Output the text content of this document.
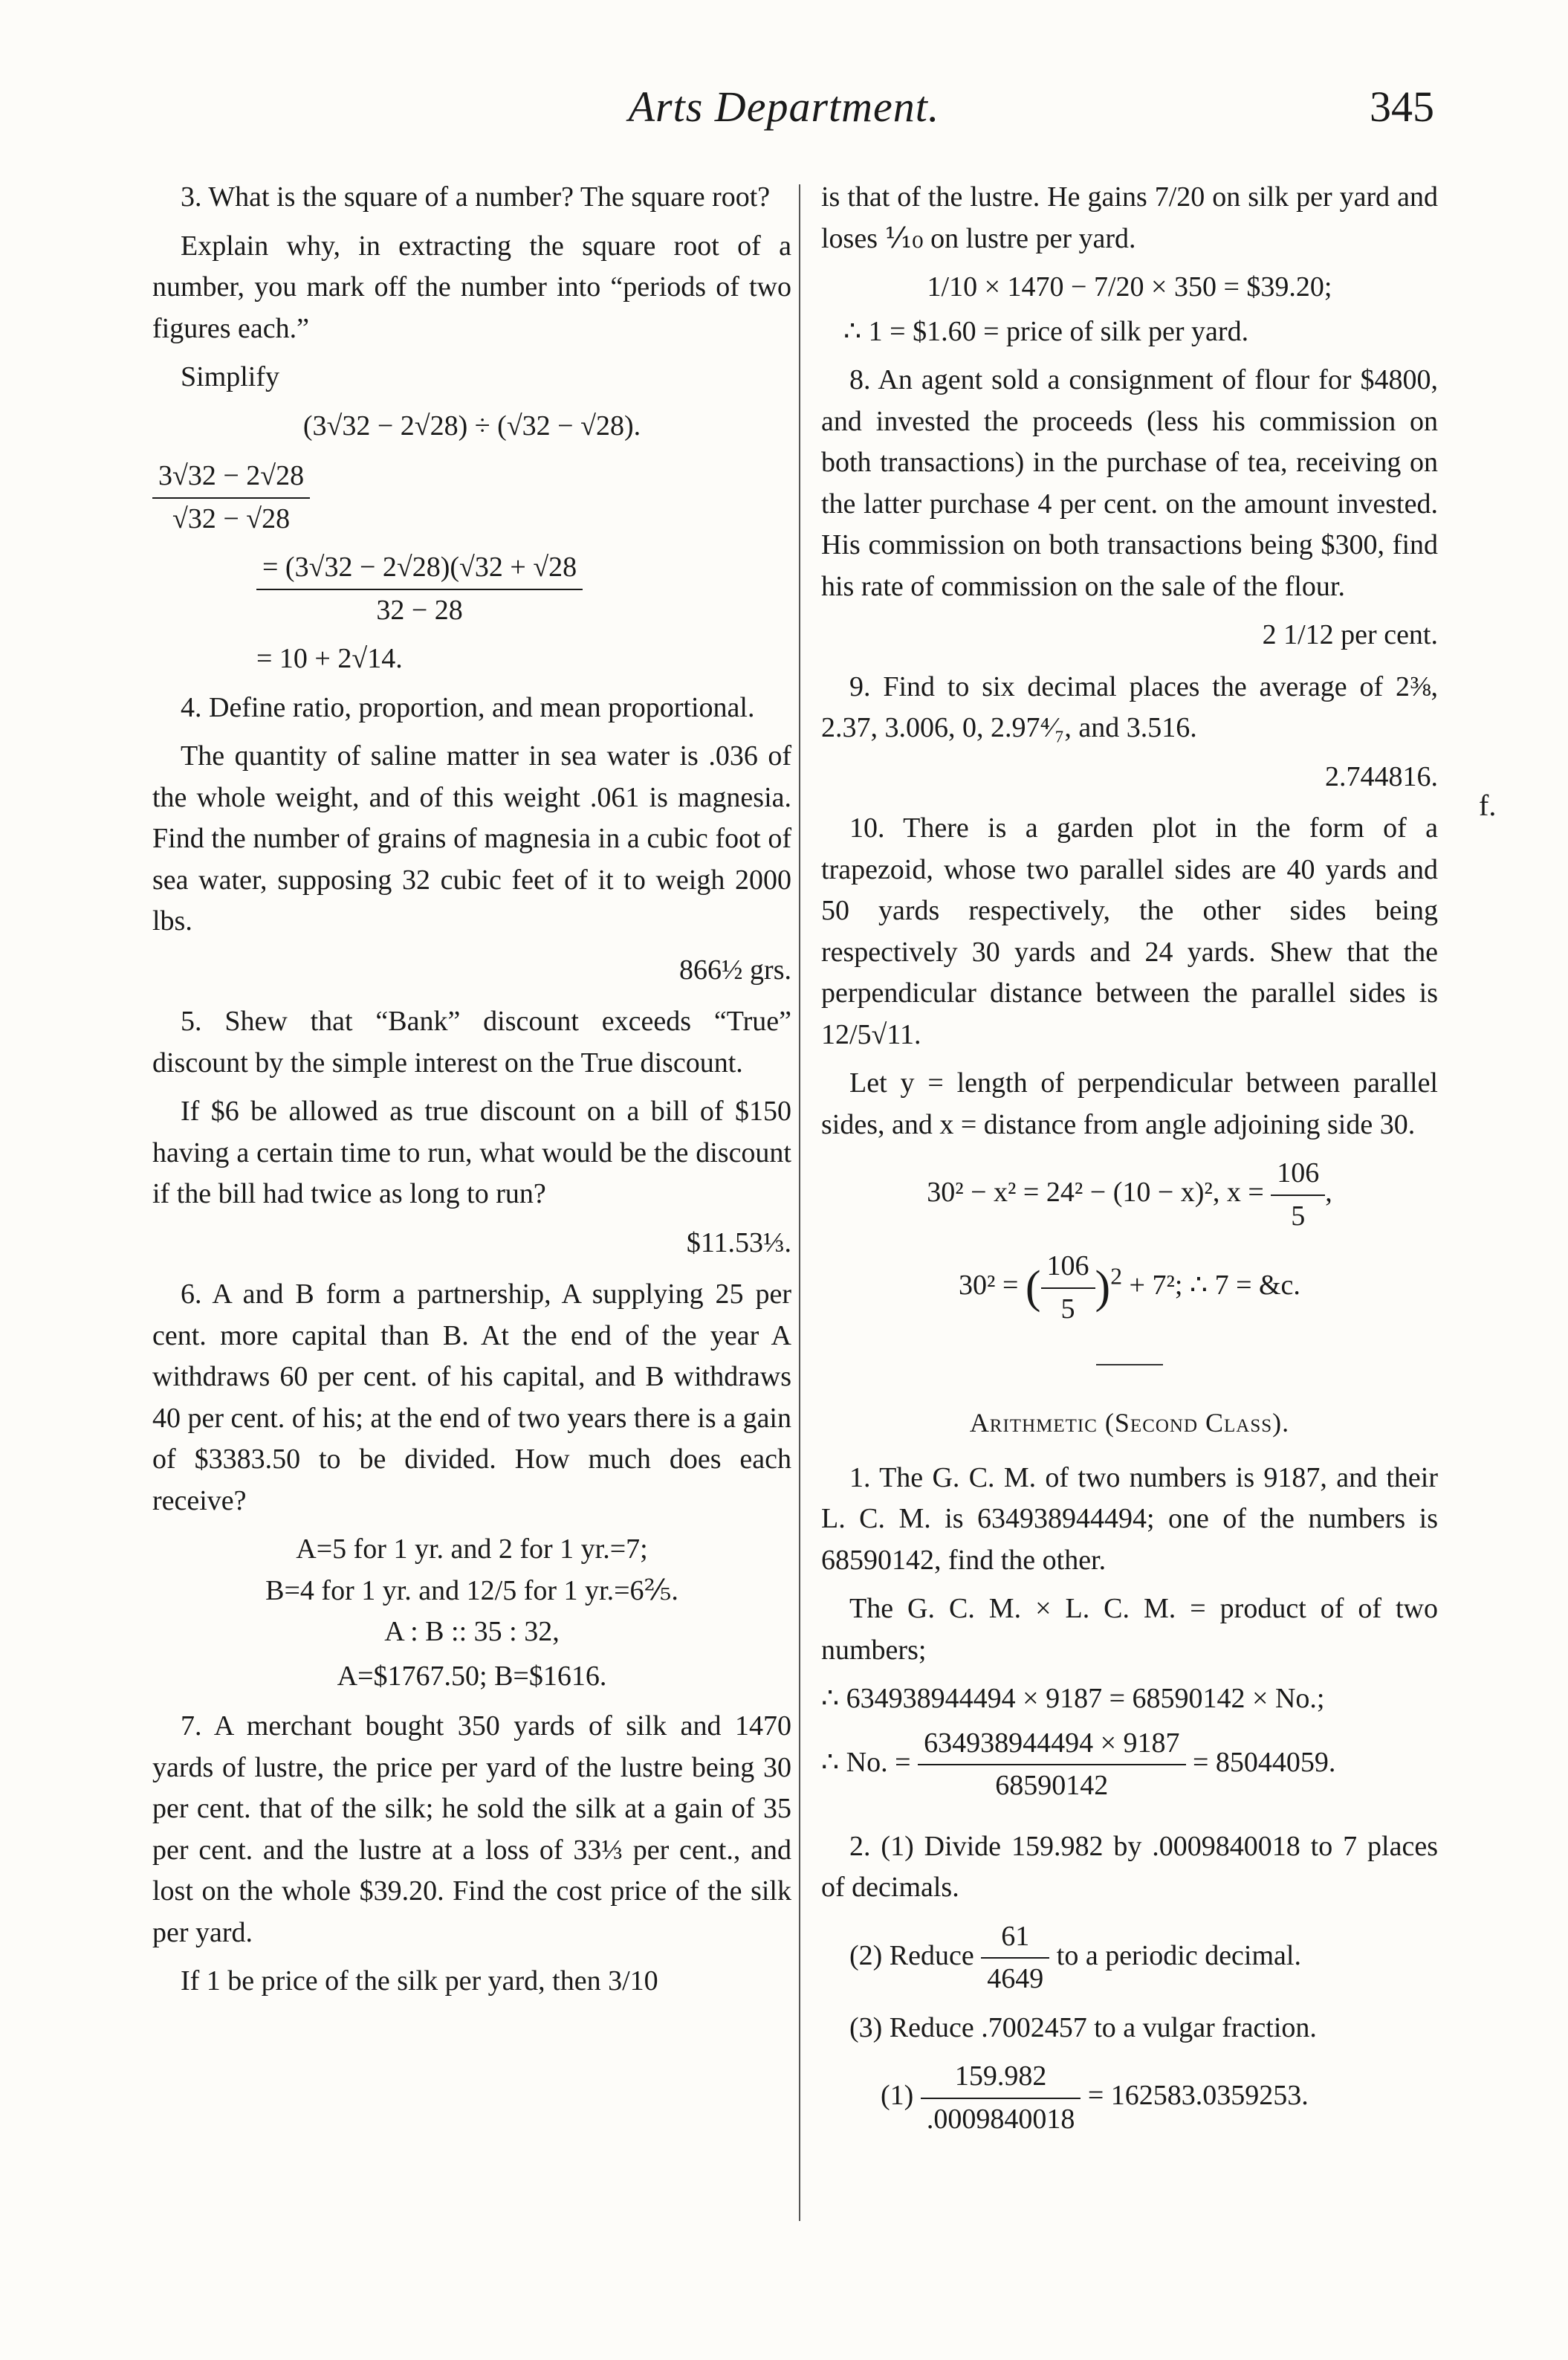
Arts Department.	345
f.

3. What is the square of a number? The square root?

Explain why, in extracting the square root of a number, you mark off the number into “periods of two figures each.”

Simplify

(3√32 − 2√28) ÷ (√32 − √28).

$\frac{3√32 - 2√28}{√32 - √28}$
$\frac{= (3√32 - 2√28)(√32 + √28}{32 - 28}$

= 10 + 2√14.

4. Define ratio, proportion, and mean proportional.

The quantity of saline matter in sea water is .036 of the whole weight, and of this weight .061 is magnesia. Find the number of grains of magnesia in a cubic foot of sea water, supposing 32 cubic feet of it to weigh 2000 lbs.

866½ grs.

5. Shew that “Bank” discount exceeds “True” discount by the simple interest on the True discount.

If $6 be allowed as true discount on a bill of $150 having a certain time to run, what would be the discount if the bill had twice as long to run?

$11.53⅓.

6. A and B form a partnership, A supplying 25 per cent. more capital than B. At the end of the year A withdraws 60 per cent. of his capital, and B withdraws 40 per cent. of his; at the end of two years there is a gain of $3383.50 to be divided. How much does each receive?

A=5 for 1 yr. and 2 for 1 yr.=7;

B=4 for 1 yr. and 12/5 for 1 yr.=6⅖.

A : B :: 35 : 32,

A=$1767.50; B=$1616.

7. A merchant bought 350 yards of silk and 1470 yards of lustre, the price per yard of the lustre being 30 per cent. that of the silk; he sold the silk at a gain of 35 per cent. and the lustre at a loss of 33⅓ per cent., and lost on the whole $39.20. Find the cost price of the silk per yard.

If 1 be price of the silk per yard, then 3/10

is that of the lustre. He gains 7/20 on silk per yard and loses ⅒ on lustre per yard.

1/10 × 1470 − 7/20 × 350 = $39.20;

∴ 1 = $1.60 = price of silk per yard.

8. An agent sold a consignment of flour for $4800, and invested the proceeds (less his commission on both transactions) in the purchase of tea, receiving on the latter purchase 4 per cent. on the amount invested. His commission on both transactions being $300, find his rate of commission on the sale of the flour.

2 1/12 per cent.

9. Find to six decimal places the average of 2⅜, 2.37, 3.006, 0, 2.97⁴⁄₇, and 3.516.

2.744816.

10. There is a garden plot in the form of a trapezoid, whose two parallel sides are 40 yards and 50 yards respectively, the other sides being respectively 30 yards and 24 yards. Shew that the perpendicular distance between the parallel sides is 12/5√11.

Let y = length of perpendicular between parallel sides, and x = distance from angle adjoining side 30.

30² − x² = 24² − (10 − x)², $x = \frac{106}{5}$ ,
30² = ( $\frac{106}{5} )^2 + 7^2$; ∴ 7 = &c.

Arithmetic (Second Class).

1. The G. C. M. of two numbers is 9187, and their L. C. M. is 634938944494; one of the numbers is 68590142, find the other.

The G. C. M. × L. C. M. = product of of two numbers;

∴ 634938944494 × 9187 = 68590142 × No.;

∴ No. = $\frac{634938944494 \times 9187}{68590142} = 85044059$.

2. (1) Divide 159.982 by .0009840018 to 7 places of decimals.

(2) Reduce $\frac{61}{4649}$ to a periodic decimal.

(3) Reduce .7002457 to a vulgar fraction.

$(1) \frac{159.982}{.0009840018} = 162583.0359253$.
